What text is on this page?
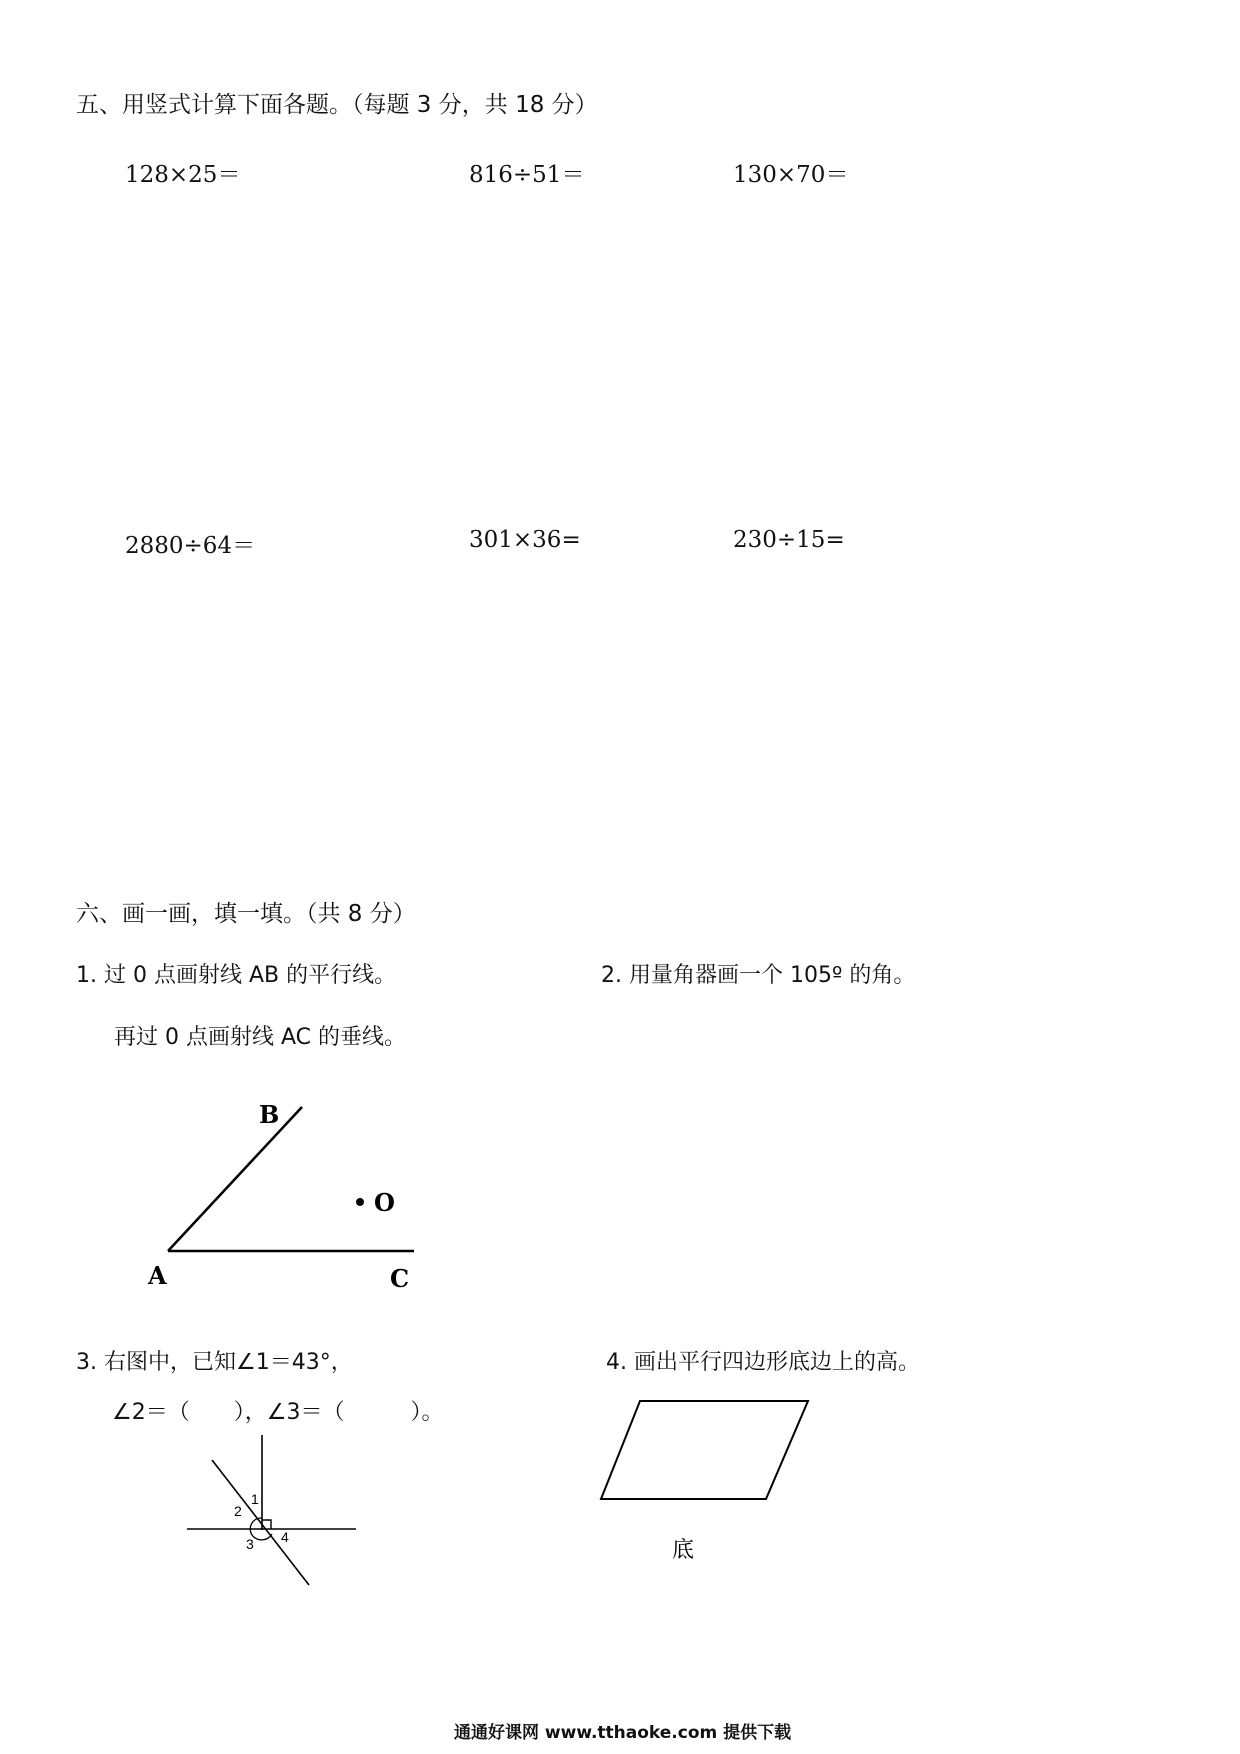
五、用竖式计算下面各题。（每题 3 分，共 18 分）
128×25＝	816÷51＝	130×70＝
2880÷64＝	301×36=	230÷15=
六、画一画，填一填。（共 8 分）
1. 过 0 点画射线 AB 的平行线。
再过 0 点画射线 AC 的垂线。
2. 用量角器画一个 105º 的角。
3. 右图中，已知∠1＝43°，
∠2＝（　　），∠3＝（　　　）。
4. 画出平行四边形底边上的高。
B
O
A	C
1
2
3 4
底
通通好课网 www.tthaoke.com 提供下载
